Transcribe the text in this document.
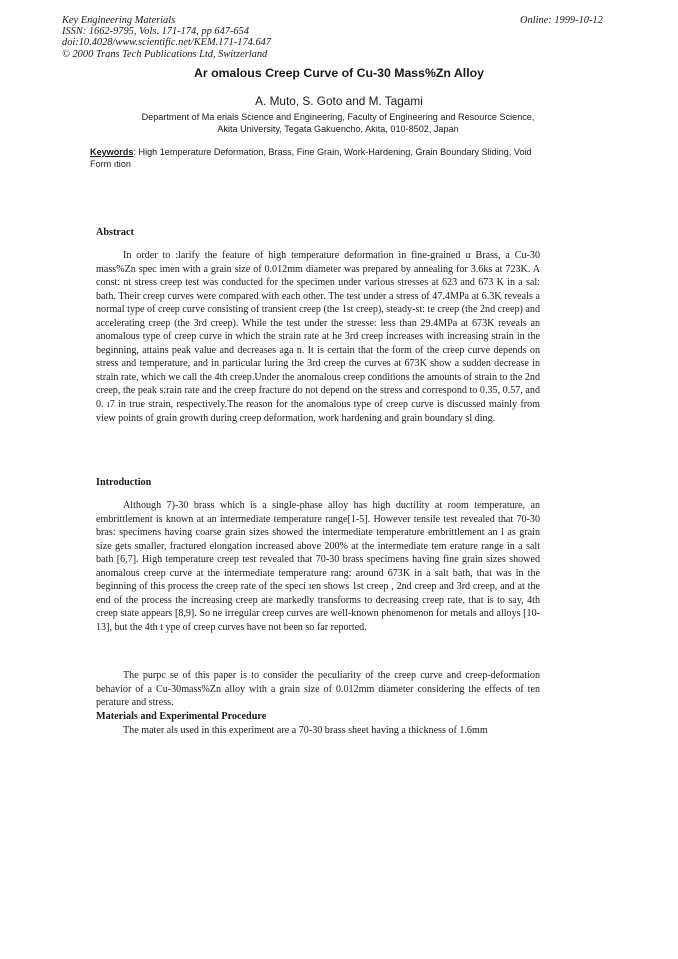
Key Engineering Materials
ISSN: 1662-9795, Vols. 171-174, pp 647-654
doi:10.4028/www.scientific.net/KEM.171-174.647
© 2000 Trans Tech Publications Ltd, Switzerland
Online: 1999-10-12
Ar omalous Creep Curve of Cu-30 Mass%Zn Alloy
A. Muto, S. Goto and M. Tagami
Department of Ma erials Science and Engineering, Faculty of Engineering and Resource Science,
Akita University, Tegata Gakuencho, Akita, 010-8502, Japan
Keywords: High 1emperature Deformation, Brass, Fine Grain, Work-Hardening, Grain Boundary Sliding, Void Form ıtion
Abstract
In order to :larify the feature of high temperature deformation in fine-grained α Brass, a Cu-30 mass%Zn spec imen with a grain size of 0.012mm diameter was prepared by annealing for 3.6ks at 723K. A const: nt stress creep test was conducted for the specimen under various stresses at 623 and 673 K in a sal: bath. Their creep curves were compared with each other. The test under a stress of 47.4MPa at 6.3K reveals a normal type of creep curve consisting of transient creep (the 1st creep), steady-st: te creep (the 2nd creep) and accelerating creep (the 3rd creep). While the test under the stresse: less than 29.4MPa at 673K reveals an anomalous type of creep curve in which the strain rate at he 3rd creep increases with increasing strain in the beginning, attains peak value and decreases aga n. It is certain that the form of the creep curve depends on stress and temperature, and in particular luring the 3rd creep the curves at 673K show a sudden decrease in strain rate, which we call the 4th creep.Under the anomalous creep conditions the amounts of strain to the 2nd creep, the peak s:rain rate and the creep fracture do not depend on the stress and correspond to 0.35, 0.57, and 0. ı7 in true strain, respectively.The reason for the anomalous type of creep curve is discussed mainly from view points of grain growth during creep deformation, work hardening and grain boundary sl ding.
Introduction
Although 7)-30 brass which is a single-phase alloy has high ductility at room temperature, an embrittlement is known at an intermediate temperature range[1-5]. However tensile test revealed that 70-30 bras: specimens having coarse grain sizes showed the intermediate temperature embrittlement an l as grain size gets smaller, fractured elongation increased above 200% at the intermediate tem erature range in a salt bath [6,7]. High temperature creep test revealed that 70-30 brass specimens having fine grain sizes showed anomalous creep curve at the intermediate temperature rang: around 673K in a salt bath, that was in the beginning of this process the creep rate of the speci ıen shows 1st creep , 2nd creep and 3rd creep, and at the end of the process the increasing creep ate markedly transforms to decreasing creep rate, that is to say, 4th creep state appears [8,9]. So ne irregular creep curves are well-known phenomenon for metals and alloys [10-13], but the 4th t ype of creep curves have not been so far reported.
The purpc se of this paper is to consider the peculiarity of the creep curve and creep-deformation behavior of a Cu-30mass%Zn alloy with a grain size of 0.012mm diameter considering the effects of ten perature and stress.
Materials and Experimental Procedure
The mater als used in this experiment are a 70-30 brass sheet having a thickness of 1.6mm
